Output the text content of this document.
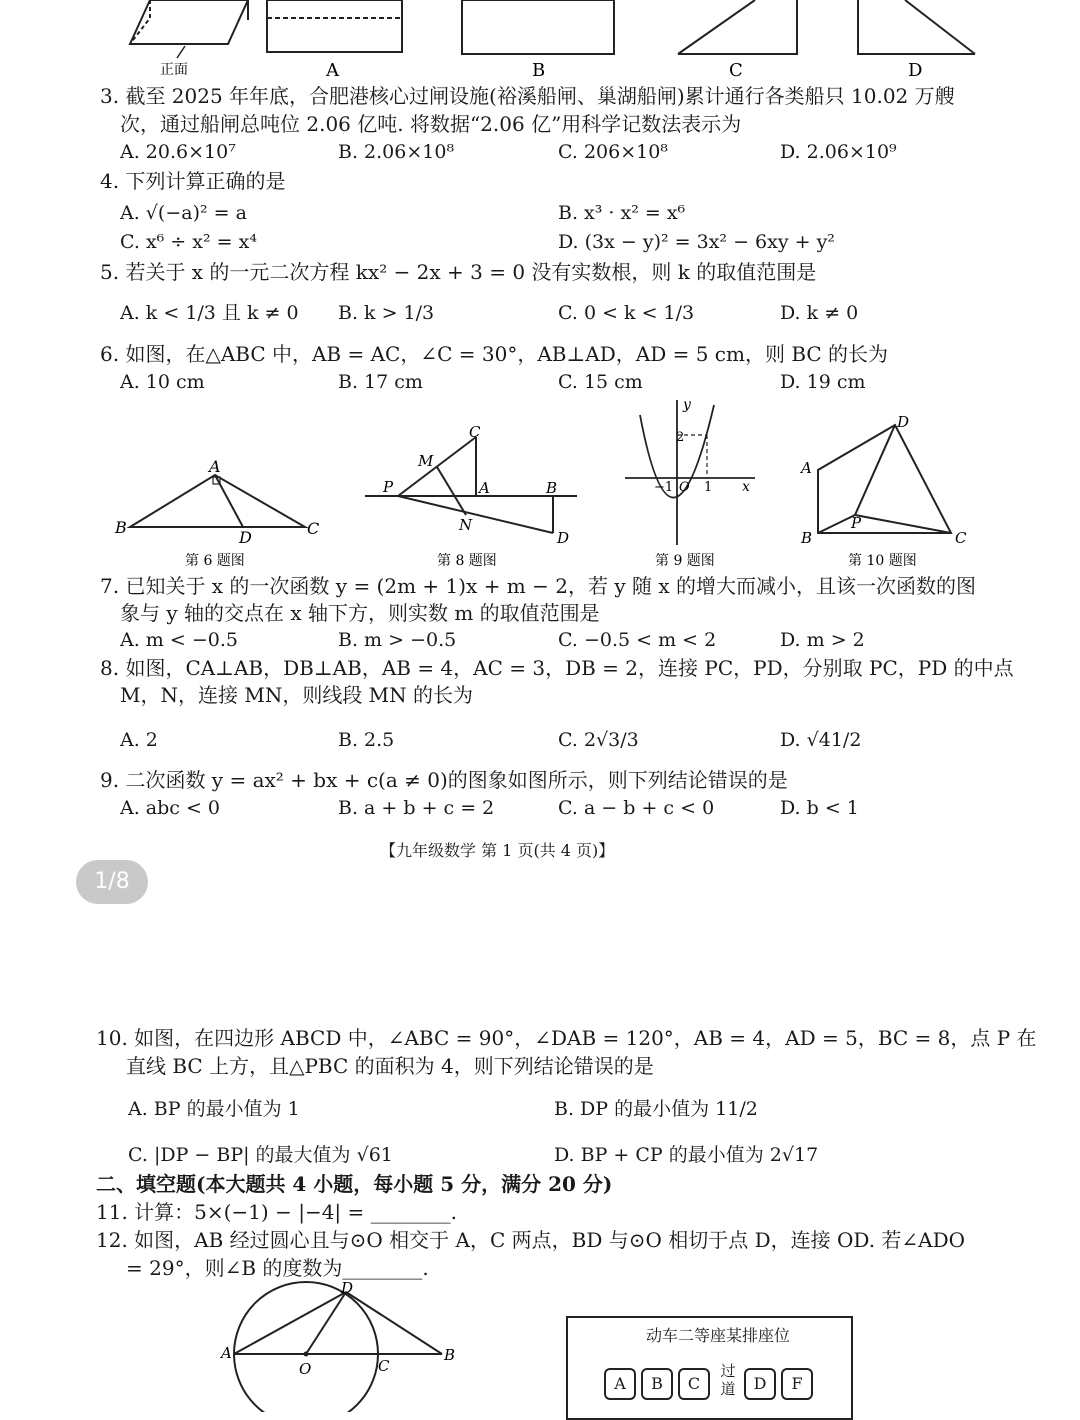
正面	A	B	C	D
3. 截至 2025 年年底，合肥港核心过闸设施(裕溪船闸、巢湖船闸)累计通行各类船只 10.02 万艘
次，通过船闸总吨位 2.06 亿吨. 将数据“2.06 亿”用科学记数法表示为
A. 20.6×10⁷	B. 2.06×10⁸	C. 206×10⁸	D. 2.06×10⁹
4. 下列计算正确的是
A. √(−a)² = a	B. x³ · x² = x⁶
C. x⁶ ÷ x² = x⁴	D. (3x − y)² = 3x² − 6xy + y²
5. 若关于 x 的一元二次方程 kx² − 2x + 3 = 0 没有实数根，则 k 的取值范围是
A. k < 1/3 且 k ≠ 0 B. k > 1/3	C. 0 < k < 1/3	D. k ≠ 0
6. 如图，在△ABC 中，AB = AC，∠C = 30°，AB⊥AD，AD = 5 cm，则 BC 的长为
A. 10 cm	B. 17 cm	C. 15 cm	D. 19 cm
A
B	C
D
C
M
P	A	B
N
D
y
2
−1 O 1 x
D
A
P
B	C
第 6 题图	第 8 题图	第 9 题图	第 10 题图
7. 已知关于 x 的一次函数 y = (2m + 1)x + m − 2，若 y 随 x 的增大而减小，且该一次函数的图
象与 y 轴的交点在 x 轴下方，则实数 m 的取值范围是
A. m < −0.5	B. m > −0.5	C. −0.5 < m < 2	D. m > 2
8. 如图，CA⊥AB，DB⊥AB，AB = 4，AC = 3，DB = 2，连接 PC，PD，分别取 PC，PD 的中点
M，N，连接 MN，则线段 MN 的长为
A. 2	B. 2.5	C. 2√3/3	D. √41/2
9. 二次函数 y = ax² + bx + c(a ≠ 0)的图象如图所示，则下列结论错误的是
A. abc < 0	B. a + b + c = 2	C. a − b + c < 0	D. b < 1
【九年级数学 第 1 页(共 4 页)】
1/8
10. 如图，在四边形 ABCD 中，∠ABC = 90°，∠DAB = 120°，AB = 4，AD = 5，BC = 8，点 P 在
直线 BC 上方，且△PBC 的面积为 4，则下列结论错误的是
A. BP 的最小值为 1	B. DP 的最小值为 11/2
C. |DP − BP| 的最大值为 √61	D. BP + CP 的最小值为 2√17
二、填空题(本大题共 4 小题，每小题 5 分，满分 20 分)
11. 计算：5×(−1) − |−4| = ________.
12. 如图，AB 经过圆心且与⊙O 相交于 A，C 两点，BD 与⊙O 相切于点 D，连接 OD. 若∠ADO
= 29°，则∠B 的度数为________.
D
A
O	C
B
动车二等座某排座位
A	B	C
过道	D	F
